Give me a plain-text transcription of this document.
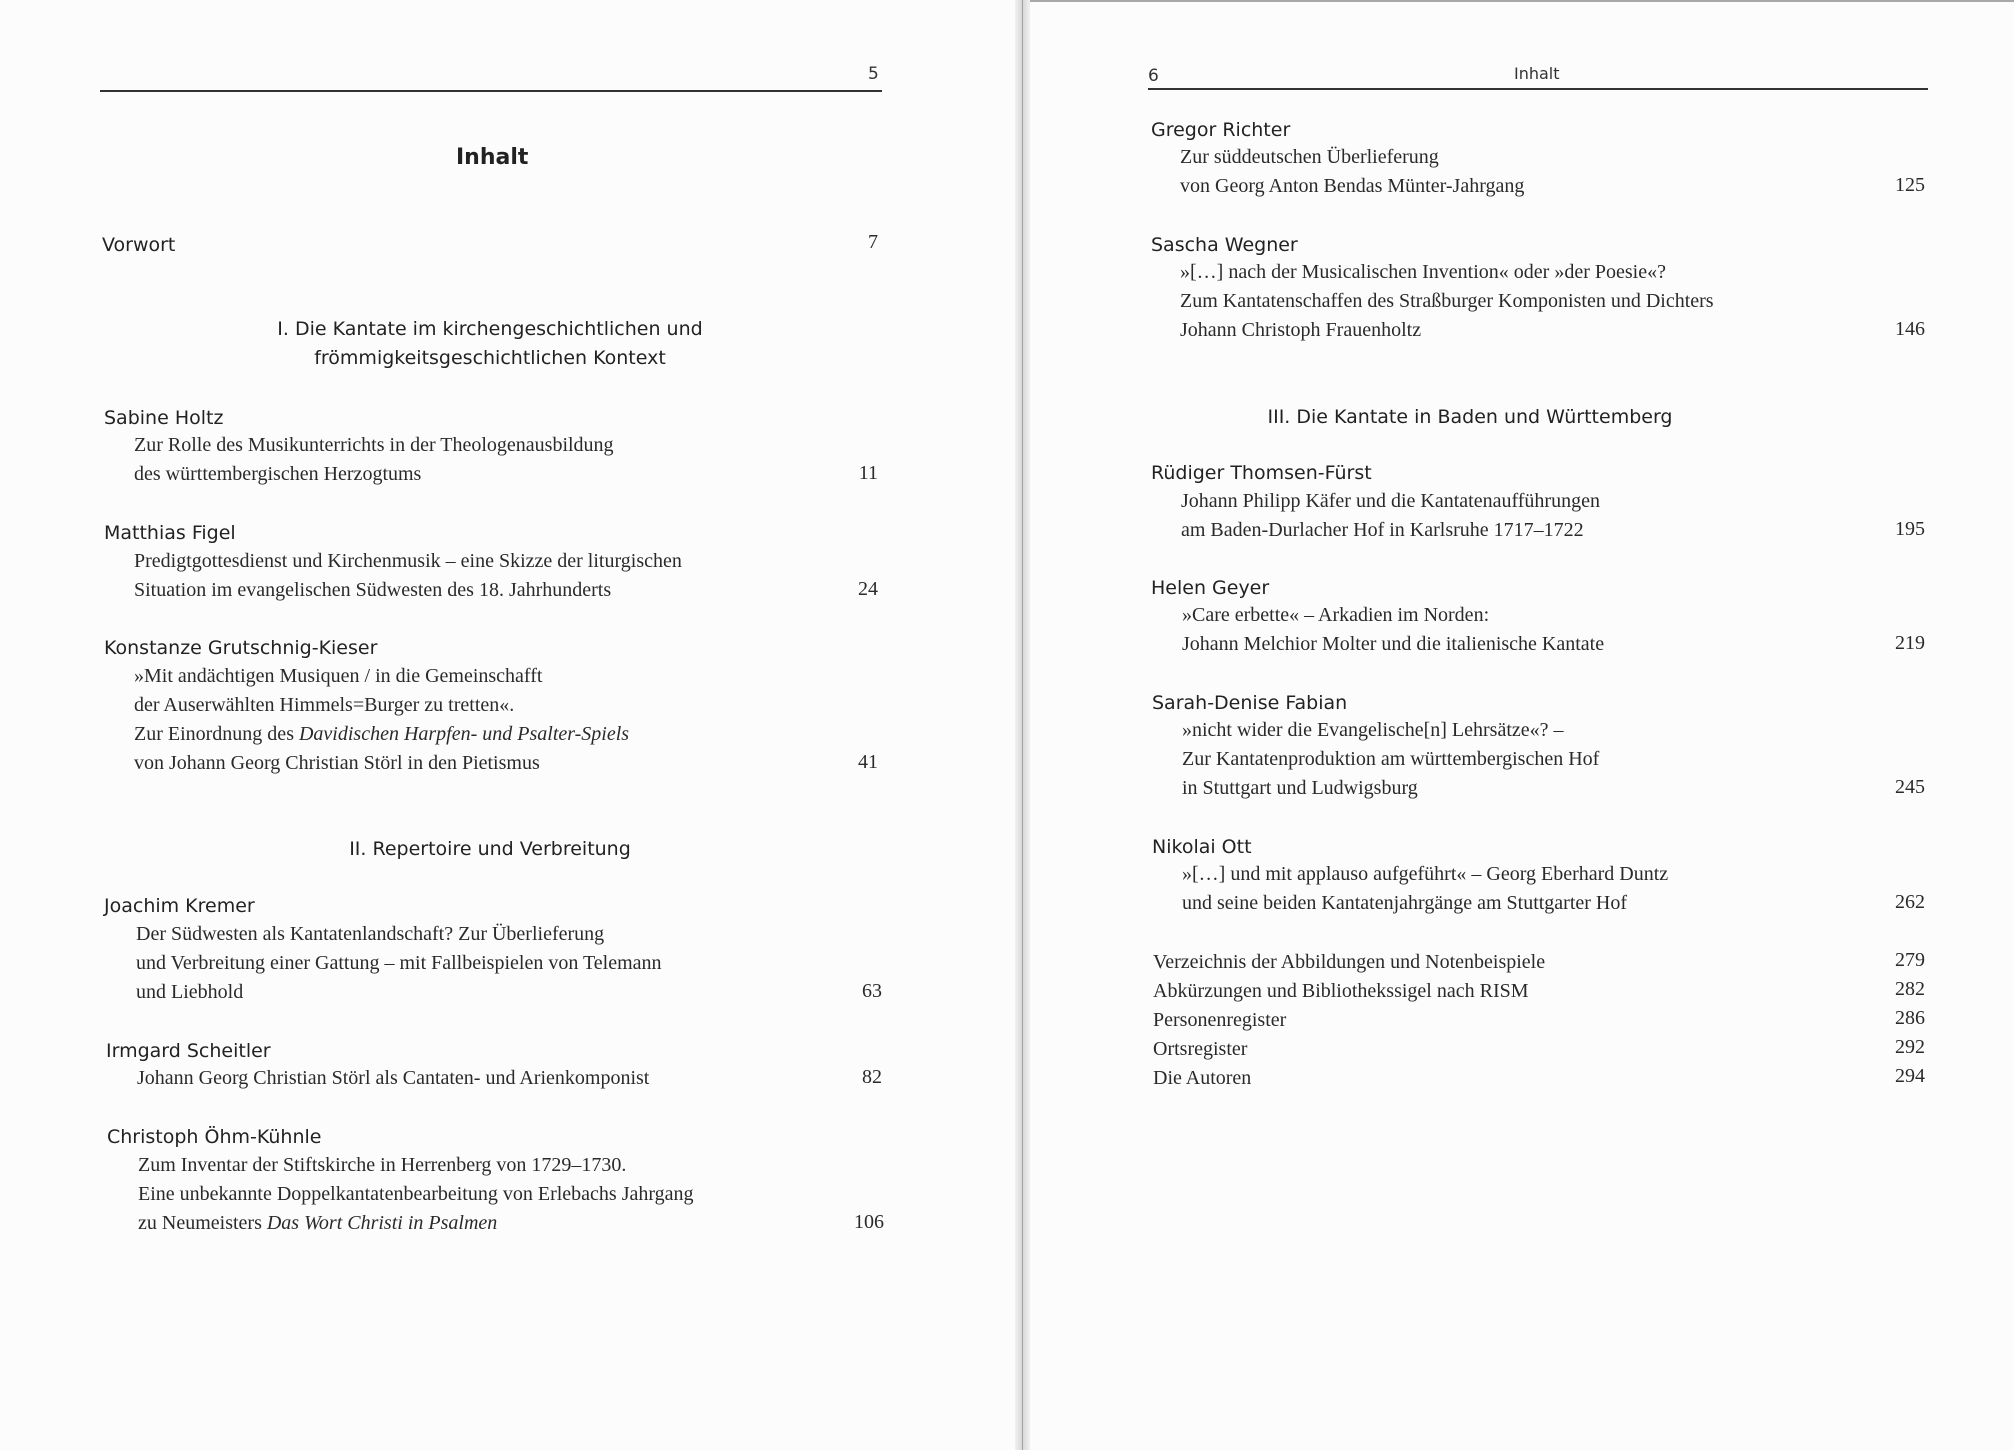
5
Inhalt
Vorwort	7
I. Die Kantate im kirchengeschichtlichen und
frömmigkeitsgeschichtlichen Kontext
Sabine Holtz
Zur Rolle des Musikunterrichts in der Theologenausbildung
des württembergischen Herzogtums	11
Matthias Figel
Predigtgottesdienst und Kirchenmusik – eine Skizze der liturgischen
Situation im evangelischen Südwesten des 18. Jahrhunderts	24
Konstanze Grutschnig-Kieser
»Mit andächtigen Musiquen / in die Gemeinschafft
der Auserwählten Himmels=Burger zu tretten«.
Zur Einordnung des Davidischen Harpfen- und Psalter-Spiels
von Johann Georg Christian Störl in den Pietismus	41
II. Repertoire und Verbreitung
Joachim Kremer
Der Südwesten als Kantatenlandschaft? Zur Überlieferung
und Verbreitung einer Gattung – mit Fallbeispielen von Telemann
und Liebhold	63
Irmgard Scheitler
Johann Georg Christian Störl als Cantaten- und Arienkomponist	82
Christoph Öhm-Kühnle
Zum Inventar der Stiftskirche in Herrenberg von 1729–1730.
Eine unbekannte Doppelkantatenbearbeitung von Erlebachs Jahrgang
zu Neumeisters Das Wort Christi in Psalmen	106
6	Inhalt
Gregor Richter
Zur süddeutschen Überlieferung
von Georg Anton Bendas Münter-Jahrgang	125
Sascha Wegner
»[…] nach der Musicalischen Invention« oder »der Poesie«?
Zum Kantatenschaffen des Straßburger Komponisten und Dichters
Johann Christoph Frauenholtz	146
III. Die Kantate in Baden und Württemberg
Rüdiger Thomsen-Fürst
Johann Philipp Käfer und die Kantatenaufführungen
am Baden-Durlacher Hof in Karlsruhe 1717–1722	195
Helen Geyer
»Care erbette« – Arkadien im Norden:
Johann Melchior Molter und die italienische Kantate	219
Sarah-Denise Fabian
»nicht wider die Evangelische[n] Lehrsätze«? –
Zur Kantatenproduktion am württembergischen Hof
in Stuttgart und Ludwigsburg	245
Nikolai Ott
»[…] und mit applauso aufgeführt« – Georg Eberhard Duntz
und seine beiden Kantatenjahrgänge am Stuttgarter Hof	262
Verzeichnis der Abbildungen und Notenbeispiele	279
Abkürzungen und Bibliothekssigel nach RISM	282
Personenregister	286
Ortsregister	292
Die Autoren	294
